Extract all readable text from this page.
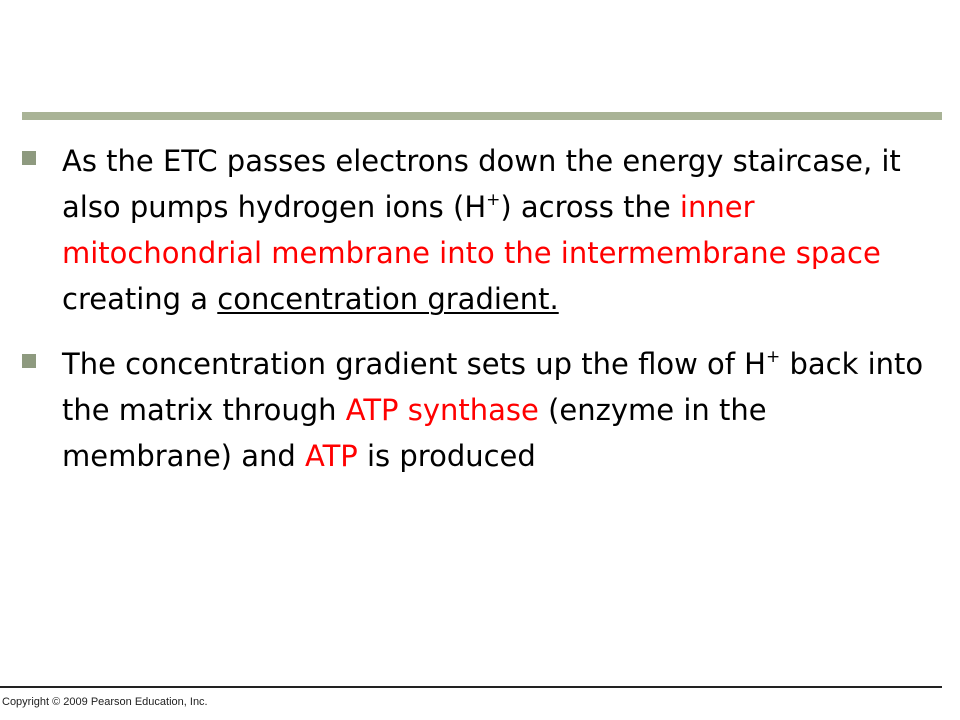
As the ETC passes electrons down the energy staircase, it also pumps hydrogen ions (H+) across the inner mitochondrial membrane into the intermembrane space creating a concentration gradient.
The concentration gradient sets up the flow of H+ back into the matrix through ATP synthase (enzyme in the membrane) and ATP is produced
Copyright © 2009 Pearson Education, Inc.
